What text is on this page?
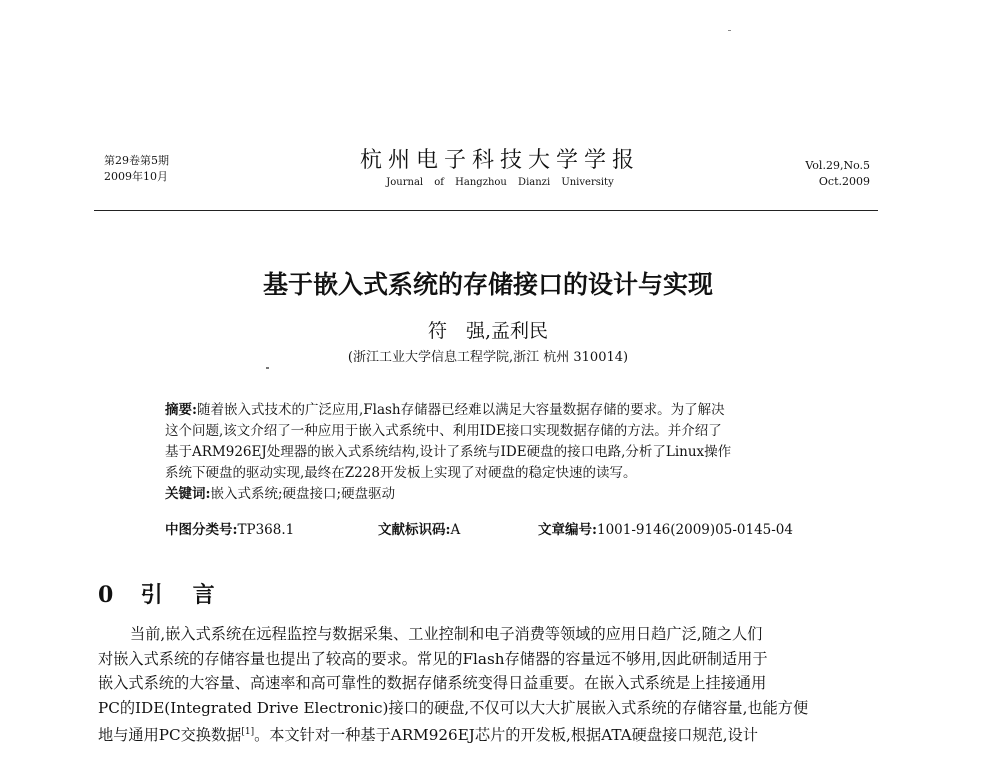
第29卷第5期
2009年10月
杭州电子科技大学学报
Journal of Hangzhou Dianzi University
Vol.29,No.5
Oct.2009
基于嵌入式系统的存储接口的设计与实现
符　强,孟利民
(浙江工业大学信息工程学院,浙江 杭州 310014)
摘要:随着嵌入式技术的广泛应用,Flash存储器已经难以满足大容量数据存储的要求。为了解决
这个问题,该文介绍了一种应用于嵌入式系统中、利用IDE接口实现数据存储的方法。并介绍了
基于ARM926EJ处理器的嵌入式系统结构,设计了系统与IDE硬盘的接口电路,分析了Linux操作
系统下硬盘的驱动实现,最终在Z228开发板上实现了对硬盘的稳定快速的读写。
关键词:嵌入式系统;硬盘接口;硬盘驱动
中图分类号:TP368.1	文献标识码:A	文章编号:1001-9146(2009)05-0145-04
0 引　言
当前,嵌入式系统在远程监控与数据采集、工业控制和电子消费等领域的应用日趋广泛,随之人们
对嵌入式系统的存储容量也提出了较高的要求。常见的Flash存储器的容量远不够用,因此研制适用于
嵌入式系统的大容量、高速率和高可靠性的数据存储系统变得日益重要。在嵌入式系统是上挂接通用
PC的IDE(Integrated Drive Electronic)接口的硬盘,不仅可以大大扩展嵌入式系统的存储容量,也能方便
地与通用PC交换数据[1]。本文针对一种基于ARM926EJ芯片的开发板,根据ATA硬盘接口规范,设计
